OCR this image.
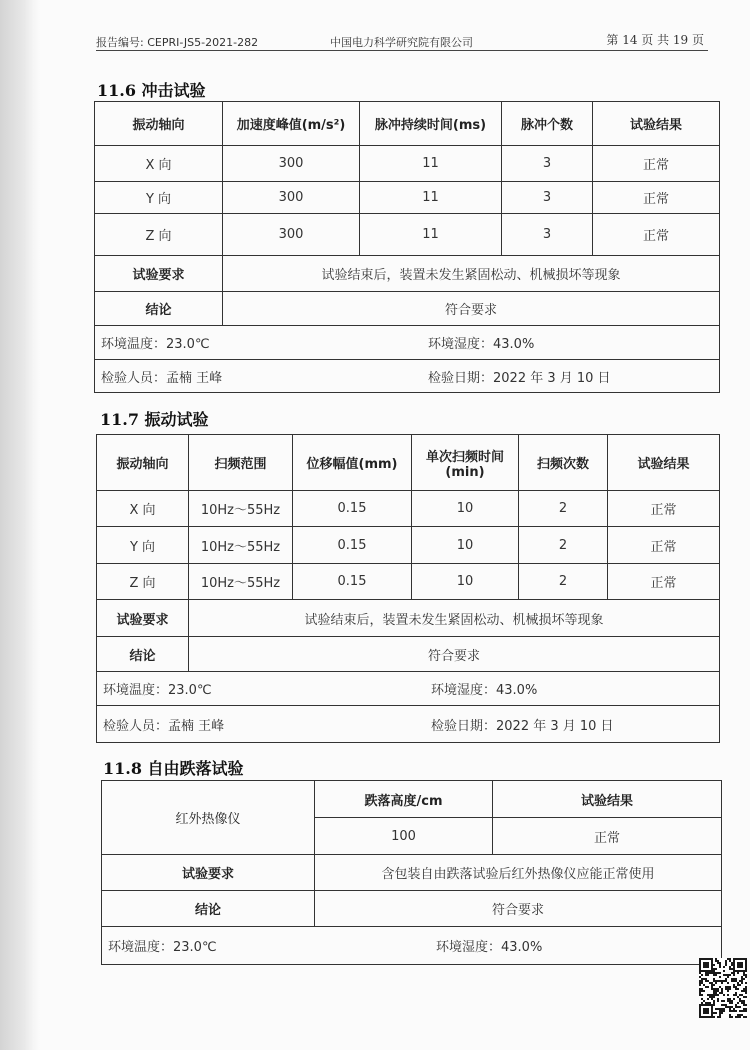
报告编号: CEPRI-JS5-2021-282	中国电力科学研究院有限公司	第 14 页 共 19 页
11.6 冲击试验
振动轴向	加速度峰值(m/s²)	脉冲持续时间(ms)	脉冲个数	试验结果
X 向	300	11	3	正常
Y 向	300	11	3	正常
Z 向	300	11	3	正常
试验要求	试验结束后，装置未发生紧固松动、机械损坏等现象			
结论	符合要求			
环境温度：23.0℃ 环境湿度：43.0%				
检验人员：孟楠 王峰 检验日期：2022 年 3 月 10 日				
11.7 振动试验
振动轴向	扫频范围	位移幅值(mm)	单次扫频时间(min)	扫频次数	试验结果
X 向	10Hz～55Hz	0.15	10	2	正常
Y 向	10Hz～55Hz	0.15	10	2	正常
Z 向	10Hz～55Hz	0.15	10	2	正常
试验要求	试验结束后，装置未发生紧固松动、机械损坏等现象				
结论	符合要求				
环境温度：23.0℃ 环境湿度：43.0%					
检验人员：孟楠 王峰 检验日期：2022 年 3 月 10 日					
11.8 自由跌落试验
红外热像仪	跌落高度/cm	试验结果
	100	正常
试验要求	含包装自由跌落试验后红外热像仪应能正常使用	
结论	符合要求	
环境温度：23.0℃ 环境湿度：43.0%		
